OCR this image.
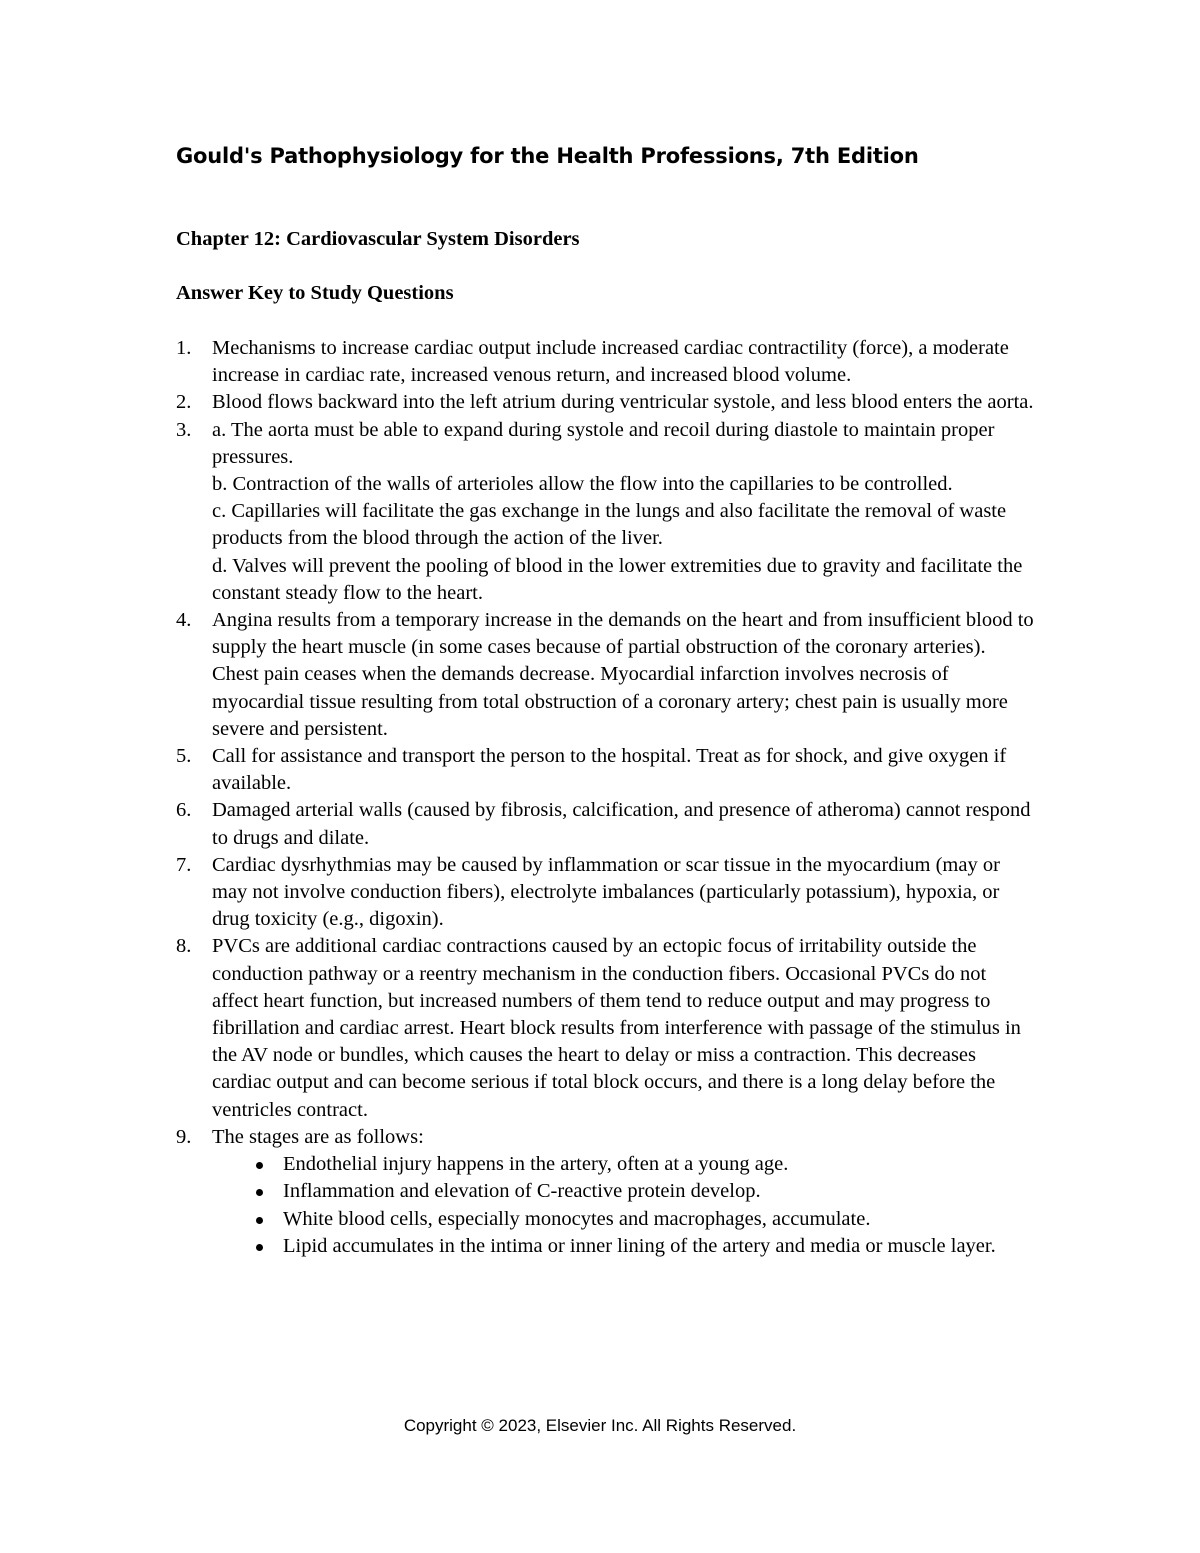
Gould's Pathophysiology for the Health Professions, 7th Edition
Chapter 12: Cardiovascular System Disorders
Answer Key to Study Questions
1. Mechanisms to increase cardiac output include increased cardiac contractility (force), a moderate increase in cardiac rate, increased venous return, and increased blood volume.
2. Blood flows backward into the left atrium during ventricular systole, and less blood enters the aorta.
3. a. The aorta must be able to expand during systole and recoil during diastole to maintain proper pressures.
b. Contraction of the walls of arterioles allow the flow into the capillaries to be controlled.
c. Capillaries will facilitate the gas exchange in the lungs and also facilitate the removal of waste products from the blood through the action of the liver.
d. Valves will prevent the pooling of blood in the lower extremities due to gravity and facilitate the constant steady flow to the heart.
4. Angina results from a temporary increase in the demands on the heart and from insufficient blood to supply the heart muscle (in some cases because of partial obstruction of the coronary arteries). Chest pain ceases when the demands decrease. Myocardial infarction involves necrosis of myocardial tissue resulting from total obstruction of a coronary artery; chest pain is usually more severe and persistent.
5. Call for assistance and transport the person to the hospital. Treat as for shock, and give oxygen if available.
6. Damaged arterial walls (caused by fibrosis, calcification, and presence of atheroma) cannot respond to drugs and dilate.
7. Cardiac dysrhythmias may be caused by inflammation or scar tissue in the myocardium (may or may not involve conduction fibers), electrolyte imbalances (particularly potassium), hypoxia, or drug toxicity (e.g., digoxin).
8. PVCs are additional cardiac contractions caused by an ectopic focus of irritability outside the conduction pathway or a reentry mechanism in the conduction fibers. Occasional PVCs do not affect heart function, but increased numbers of them tend to reduce output and may progress to fibrillation and cardiac arrest. Heart block results from interference with passage of the stimulus in the AV node or bundles, which causes the heart to delay or miss a contraction. This decreases cardiac output and can become serious if total block occurs, and there is a long delay before the ventricles contract.
9. The stages are as follows:
Endothelial injury happens in the artery, often at a young age.
Inflammation and elevation of C-reactive protein develop.
White blood cells, especially monocytes and macrophages, accumulate.
Lipid accumulates in the intima or inner lining of the artery and media or muscle layer.
Copyright © 2023, Elsevier Inc. All Rights Reserved.
